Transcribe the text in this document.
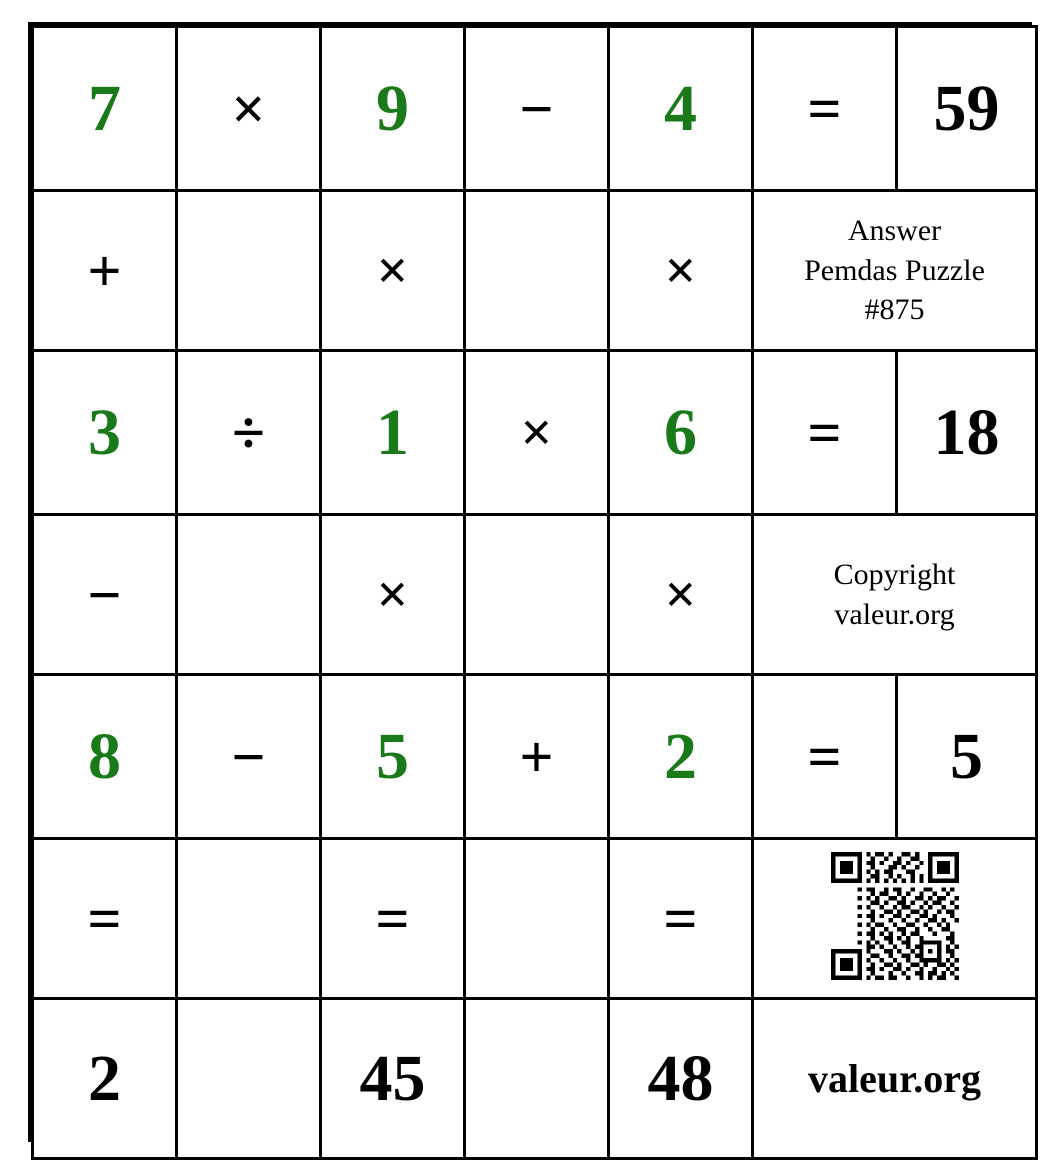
7	×	9	−	4	=	59
+		×		×	Answer
Pemdas Puzzle
#875	

3	÷	1	×	6	=	18
−		×		×	Copyright
valeur.org	

8	−	5	+	2	=	5
=		=		=	

2		45		48	valeur.org	
